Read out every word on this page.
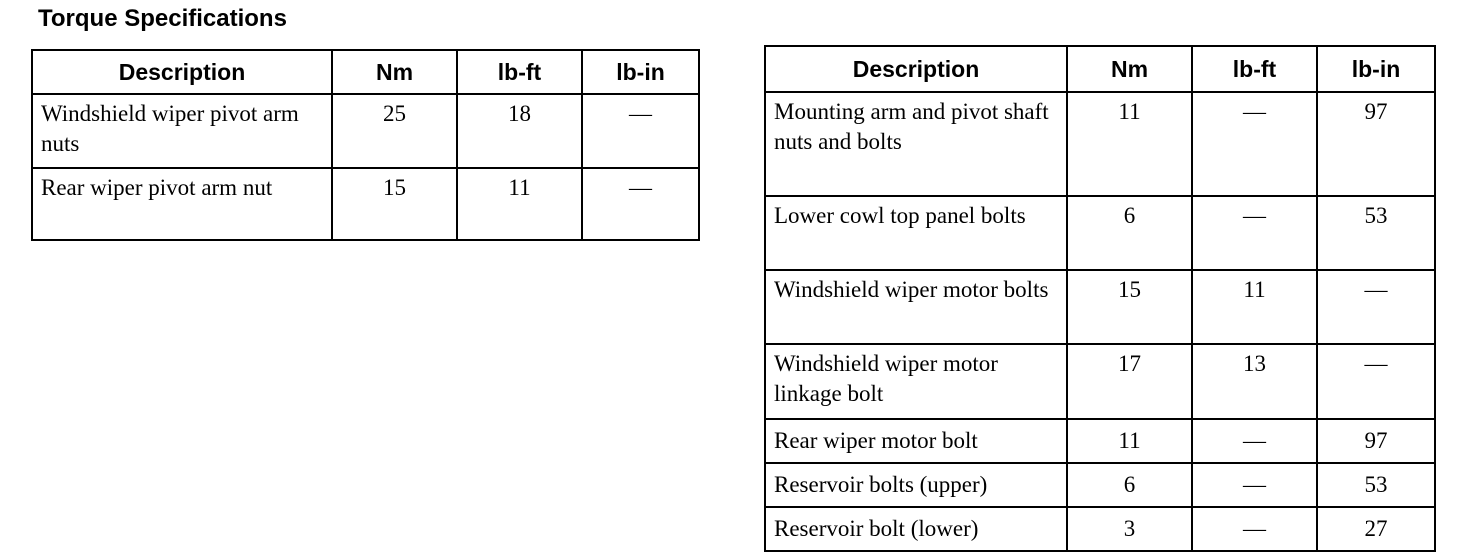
Torque Specifications
Description	Nm	lb-ft	lb-in
Windshield wiper pivot arm nuts	25	18	—
Rear wiper pivot arm nut	15	11	—
Description	Nm	lb-ft	lb-in
Mounting arm and pivot shaft nuts and bolts	11	—	97
Lower cowl top panel bolts	6	—	53
Windshield wiper motor bolts	15	11	—
Windshield wiper motor linkage bolt	17	13	—
Rear wiper motor bolt	11	—	97
Reservoir bolts (upper)	6	—	53
Reservoir bolt (lower)	3	—	27
